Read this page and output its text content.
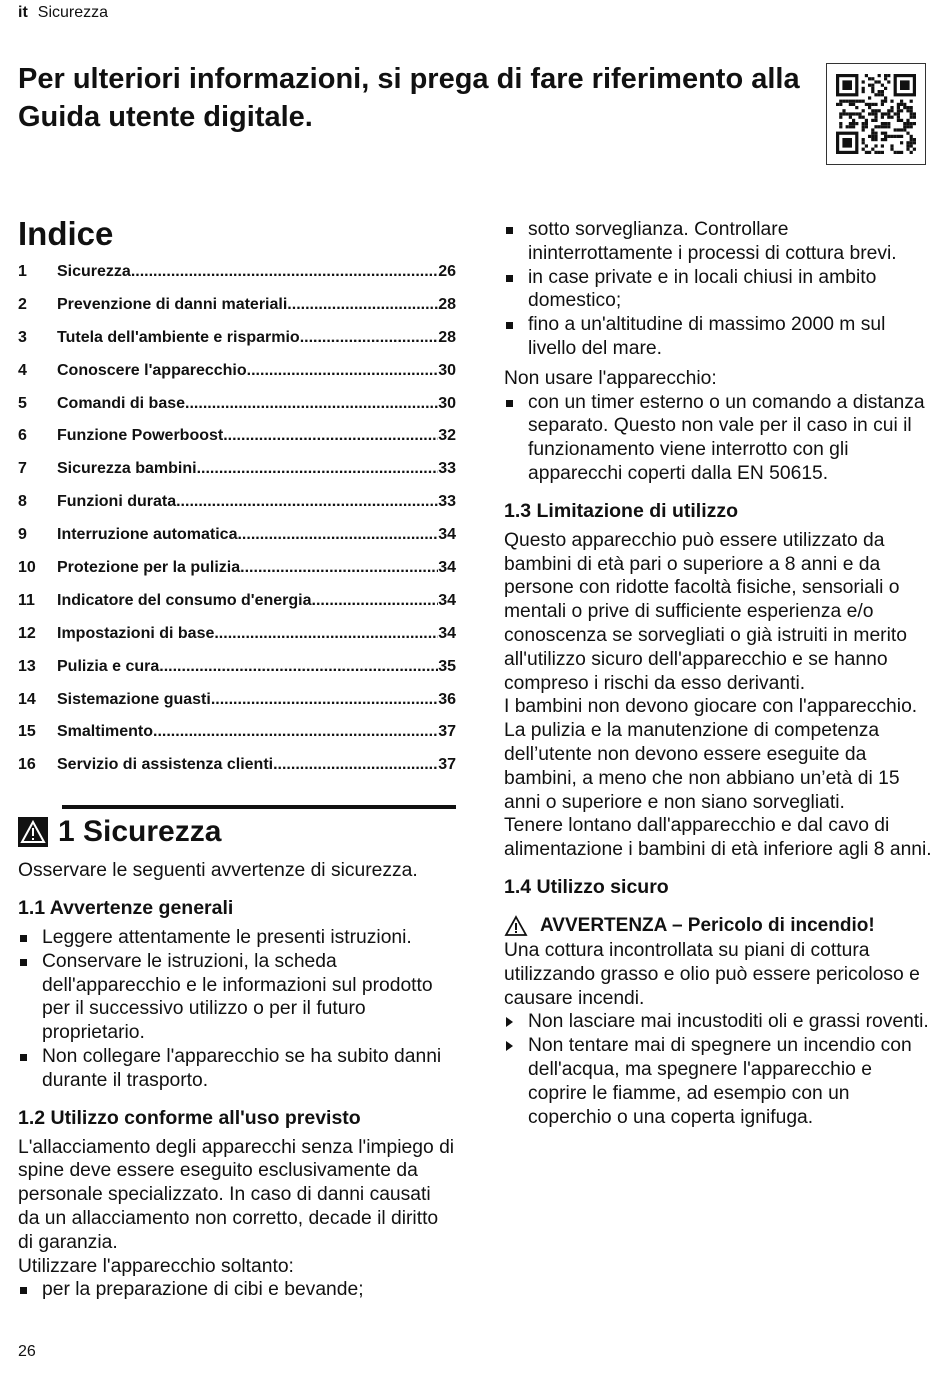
it Sicurezza
Per ulteriori informazioni, si prega di fare riferimento alla Guida utente digitale.
Indice
1	Sicurezza .....	26
2	Prevenzione di danni materiali .....	28
3	Tutela dell'ambiente e risparmio .....	28
4	Conoscere l'apparecchio .....	30
5	Comandi di base .....	30
6	Funzione Powerboost .....	32
7	Sicurezza bambini .....	33
8	Funzioni durata .....	33
9	Interruzione automatica .....	34
10	Protezione per la pulizia .....	34
11	Indicatore del consumo d'energia .....	34
12	Impostazioni di base .....	34
13	Pulizia e cura .....	35
14	Sistemazione guasti .....	36
15	Smaltimento .....	37
16	Servizio di assistenza clienti .....	37
1 Sicurezza

Osservare le seguenti avvertenze di sicurezza.

1.1 Avvertenze generali
Leggere attentamente le presenti istruzioni.
Conservare le istruzioni, la scheda dell'apparecchio e le informazioni sul prodotto per il successivo utilizzo o per il futuro proprietario.
Non collegare l'apparecchio se ha subito danni durante il trasporto.
1.2 Utilizzo conforme all'uso previsto

L'allacciamento degli apparecchi senza l'impiego di spine deve essere eseguito esclusivamente da personale specializzato. In caso di danni causati da un allacciamento non corretto, decade il diritto di garanzia.

Utilizzare l'apparecchio soltanto:

per la preparazione di cibi e bevande;
sotto sorveglianza. Controllare ininterrottamente i processi di cottura brevi.
in case private e in locali chiusi in ambito domestico;
fino a un'altitudine di massimo 2000 m sul livello del mare.

Non usare l'apparecchio:

con un timer esterno o un comando a distanza separato. Questo non vale per il caso in cui il funzionamento viene interrotto con gli apparecchi coperti dalla EN 50615.
1.3 Limitazione di utilizzo

Questo apparecchio può essere utilizzato da bambini di età pari o superiore a 8 anni e da persone con ridotte facoltà fisiche, sensoriali o mentali o prive di sufficiente esperienza e/o conoscenza se sorvegliati o già istruiti in merito all'utilizzo sicuro dell'apparecchio e se hanno compreso i rischi da esso derivanti.

I bambini non devono giocare con l'apparecchio.

La pulizia e la manutenzione di competenza dell’utente non devono essere eseguite da bambini, a meno che non abbiano un’età di 15 anni o superiore e non siano sorvegliati.

Tenere lontano dall'apparecchio e dal cavo di alimentazione i bambini di età inferiore agli 8 anni.

1.4 Utilizzo sicuro
AVVERTENZA – Pericolo di incendio!

Una cottura incontrollata su piani di cottura utilizzando grasso e olio può essere pericoloso e causare incendi.

Non lasciare mai incustoditi oli e grassi roventi.
Non tentare mai di spegnere un incendio con dell'acqua, ma spegnere l'apparecchio e coprire le fiamme, ad esempio con un coperchio o una coperta ignifuga.
26
